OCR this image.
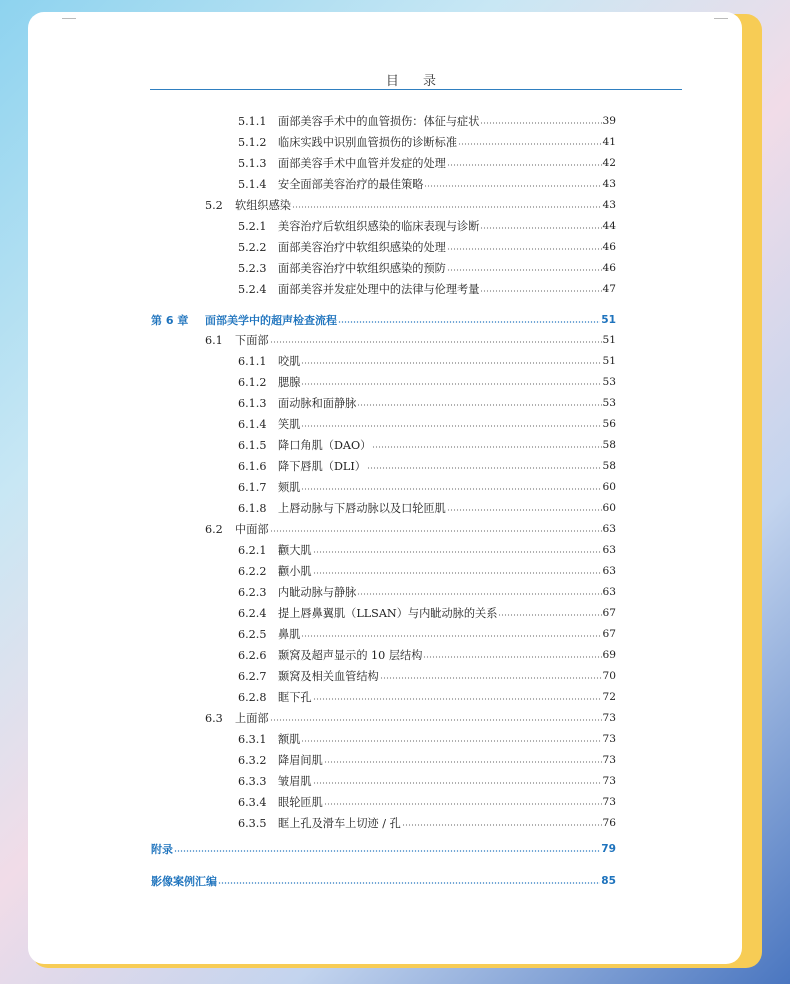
目 录
5.1.1	面部美容手术中的血管损伤：体征与症状	39
5.1.2	临床实践中识别血管损伤的诊断标准	41
5.1.3	面部美容手术中血管并发症的处理	42
5.1.4	安全面部美容治疗的最佳策略	43
5.2	软组织感染	43
5.2.1	美容治疗后软组织感染的临床表现与诊断	44
5.2.2	面部美容治疗中软组织感染的处理	46
5.2.3	面部美容治疗中软组织感染的预防	46
5.2.4	面部美容并发症处理中的法律与伦理考量	47
第 6 章	面部美学中的超声检查流程	51
6.1	下面部	51
6.1.1	咬肌	51
6.1.2	腮腺	53
6.1.3	面动脉和面静脉	53
6.1.4	笑肌	56
6.1.5	降口角肌（DAO）	58
6.1.6	降下唇肌（DLI）	58
6.1.7	颏肌	60
6.1.8	上唇动脉与下唇动脉以及口轮匝肌	60
6.2	中面部	63
6.2.1	颧大肌	63
6.2.2	颧小肌	63
6.2.3	内眦动脉与静脉	63
6.2.4	提上唇鼻翼肌（LLSAN）与内眦动脉的关系	67
6.2.5	鼻肌	67
6.2.6	颞窝及超声显示的 10 层结构	69
6.2.7	颞窝及相关血管结构	70
6.2.8	眶下孔	72
6.3	上面部	73
6.3.1	额肌	73
6.3.2	降眉间肌	73
6.3.3	皱眉肌	73
6.3.4	眼轮匝肌	73
6.3.5	眶上孔及滑车上切迹 / 孔	76
附录	79
影像案例汇编	85
